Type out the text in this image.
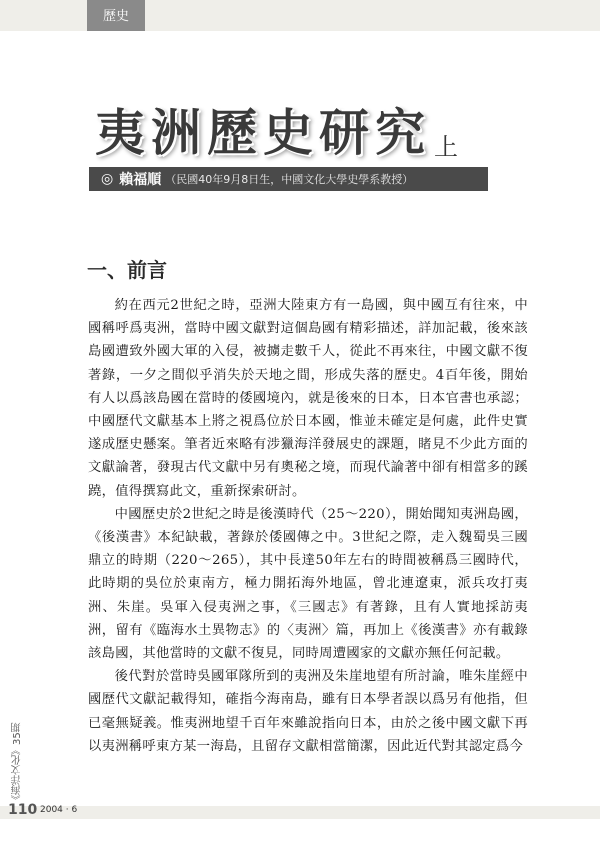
歷史
夷 洲 歷 史 研 究 上
◎ 賴福順 （民國40年9月8日生，中國文化大學史學系教授）
一、前言

約在西元2世紀之時，亞洲大陸東方有一島國，與中國互有往來，中國稱呼爲夷洲，當時中國文獻對這個島國有精彩描述，詳加記載，後來該島國遭致外國大軍的入侵，被擄走數千人，從此不再來往，中國文獻不復著錄，一夕之間似乎消失於天地之間，形成失落的歷史。4百年後，開始有人以爲該島國在當時的倭國境內，就是後來的日本，日本官書也承認；中國歷代文獻基本上將之視爲位於日本國，惟並未確定是何處，此件史實遂成歷史懸案。筆者近來略有涉獵海洋發展史的課題，睹見不少此方面的文獻論著，發現古代文獻中另有奧秘之境，而現代論著中卻有相當多的蹊蹺，值得撰寫此文，重新探索研討。

中國歷史於2世紀之時是後漢時代（25～220），開始聞知夷洲島國，《後漢書》本紀缺載，著錄於倭國傳之中。3世紀之際，走入魏蜀吳三國鼎立的時期（220～265），其中長達50年左右的時間被稱爲三國時代，此時期的吳位於東南方，極力開拓海外地區，曾北連遼東，派兵攻打夷洲、朱崖。吳軍入侵夷洲之事，《三國志》有著錄，且有人實地採訪夷洲，留有《臨海水土異物志》的〈夷洲〉篇，再加上《後漢書》亦有載錄該島國，其他當時的文獻不復見，同時周遭國家的文獻亦無任何記載。

後代對於當時吳國軍隊所到的夷洲及朱崖地望有所討論，唯朱崖經中國歷代文獻記載得知，確指今海南島，雖有日本學者誤以爲另有他指，但已毫無疑義。惟夷洲地望千百年來雖說指向日本，由於之後中國文獻下再以夷洲稱呼東方某一海島，且留存文獻相當簡潔，因此近代對其認定爲今

《海洋文化》35期
110 2004 · 6
